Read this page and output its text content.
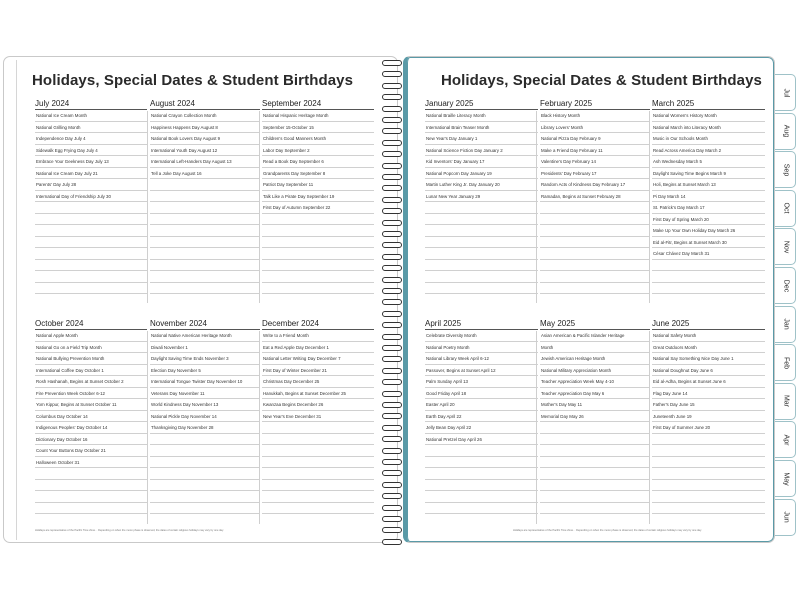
Holidays, Special Dates & Student Birthdays	Holidays, Special Dates & Student Birthdays
July 2024
National Ice Cream Month
National Grilling Month
Independence Day July 4
Sidewalk Egg Frying Day July 4
Embrace Your Geekness Day July 13
National Ice Cream Day July 21
Parents' Day July 28
International Day of Friendship July 30
August 2024
National Crayon Collection Month
Happiness Happens Day August 8
National Book Lovers Day August 9
International Youth Day August 12
International Left-Handers Day August 13
Tell a Joke Day August 16
September 2024
National Hispanic Heritage Month
September 15-October 15
Children's Good Manners Month
Labor Day September 2
Read a Book Day September 6
Grandparents Day September 8
Patriot Day September 11
Talk Like a Pirate Day September 19
First Day of Autumn September 22
October 2024
National Apple Month
National Go on a Field Trip Month
National Bullying Prevention Month
International Coffee Day October 1
Rosh Hashanah, Begins at Sunset October 2
Fire Prevention Week October 6-12
Yom Kippur, Begins at Sunset October 11
Columbus Day October 14
Indigenous Peoples' Day October 14
Dictionary Day October 16
Count Your Buttons Day October 21
Halloween October 31
November 2024
National Native American Heritage Month
Diwali November 1
Daylight Saving Time Ends November 3
Election Day November 5
International Tongue Twister Day November 10
Veterans Day November 11
World Kindness Day November 13
National Pickle Day November 14
Thanksgiving Day November 28
December 2024
Write to a Friend Month
Eat a Red Apple Day December 1
National Letter Writing Day December 7
First Day of Winter December 21
Christmas Day December 25
Hanukkah, Begins at Sunset December 25
Kwanzaa Begins December 26
New Year's Eve December 31
January 2025
National Braille Literacy Month
International Brain Teaser Month
New Year's Day January 1
National Science Fiction Day January 2
Kid Inventors' Day January 17
National Popcorn Day January 19
Martin Luther King Jr. Day January 20
Lunar New Year January 29
February 2025
Black History Month
Library Lovers' Month
National Pizza Day February 9
Make a Friend Day February 11
Valentine's Day February 14
Presidents' Day February 17
Random Acts of Kindness Day February 17
Ramadan, Begins at Sunset February 28
March 2025
National Women's History Month
National March into Literacy Month
Music in Our Schools Month
Read Across America Day March 2
Ash Wednesday March 5
Daylight Saving Time Begins March 9
Holi, Begins at Sunset March 13
Pi Day March 14
St. Patrick's Day March 17
First Day of Spring March 20
Make Up Your Own Holiday Day March 26
Eid al-Fitr, Begins at Sunset March 30
César Chávez Day March 31
April 2025
Celebrate Diversity Month
National Poetry Month
National Library Week April 6-12
Passover, Begins at Sunset April 12
Palm Sunday April 13
Good Friday April 18
Easter April 20
Earth Day April 22
Jelly Bean Day April 22
National Pretzel Day April 26
May 2025
Asian American & Pacific Islander Heritage
Month
Jewish American Heritage Month
National Military Appreciation Month
Teacher Appreciation Week May 4-10
Teacher Appreciation Day May 6
Mother's Day May 11
Memorial Day May 26
June 2025
National Safety Month
Great Outdoors Month
National Say Something Nice Day June 1
National Doughnut Day June 6
Eid al-Adha, Begins at Sunset June 6
Flag Day June 14
Father's Day June 15
Juneteenth June 19
First Day of Summer June 20
Holidays are representative of the Pacific Time Zone. · Depending on when the moon phase is observed, the dates of certain religious holidays may vary by one day.	Holidays are representative of the Pacific Time Zone. · Depending on when the moon phase is observed, the dates of certain religious holidays may vary by one day.
Jul
Aug
Sep
Oct
Nov
Dec
Jan
Feb
Mar
Apr
May
Jun
